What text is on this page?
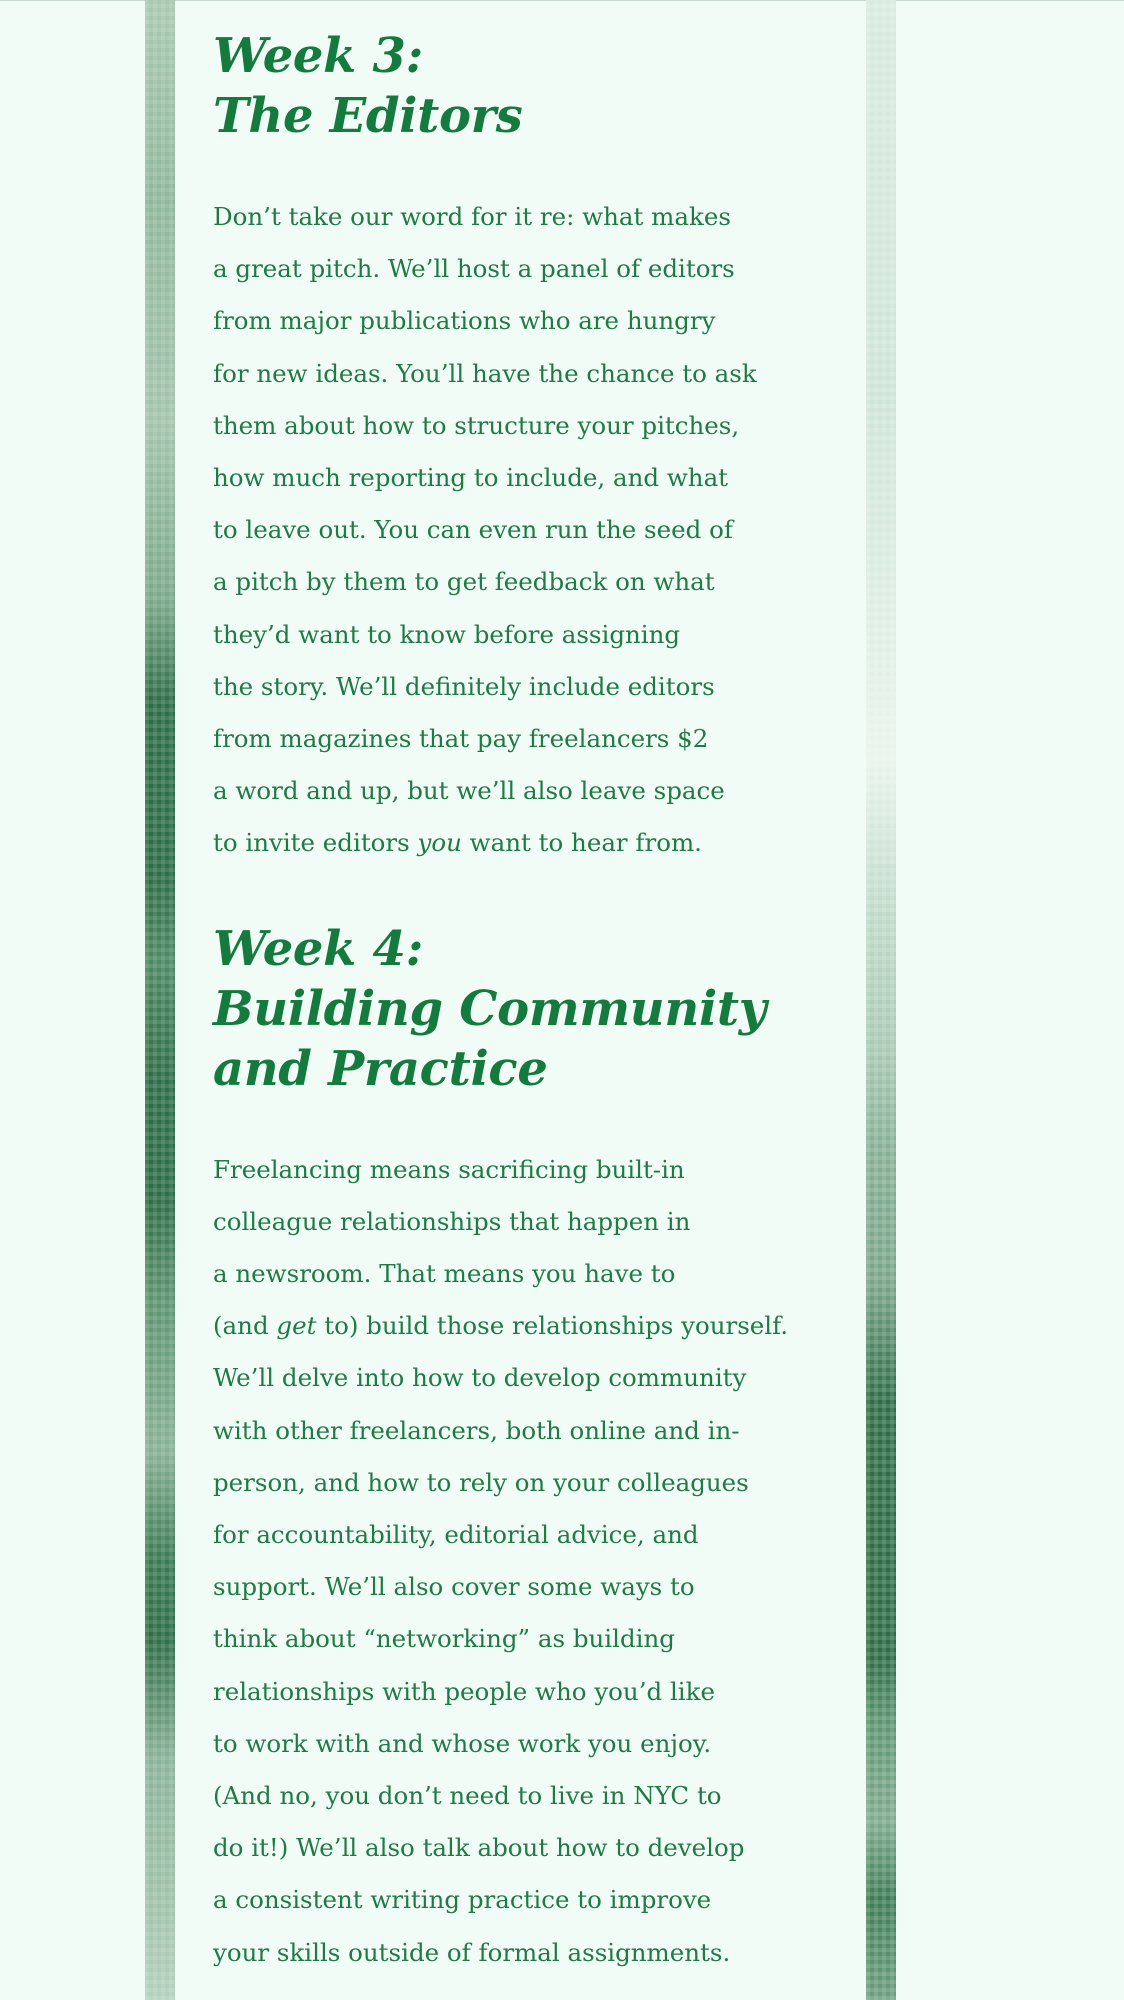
Week 3:
The Editors

Don’t take our word for it re: what makes
a great pitch. We’ll host a panel of editors
from major publications who are hungry
for new ideas. You’ll have the chance to ask
them about how to structure your pitches,
how much reporting to include, and what
to leave out. You can even run the seed of
a pitch by them to get feedback on what
they’d want to know before assigning
the story. We’ll definitely include editors
from magazines that pay freelancers $2
a word and up, but we’ll also leave space
to invite editors you want to hear from.

Week 4:
Building Community
and Practice

Freelancing means sacrificing built-in
colleague relationships that happen in
a newsroom. That means you have to
(and get to) build those relationships yourself.
We’ll delve into how to develop community
with other freelancers, both online and in-
person, and how to rely on your colleagues
for accountability, editorial advice, and
support. We’ll also cover some ways to
think about “networking” as building
relationships with people who you’d like
to work with and whose work you enjoy.
(And no, you don’t need to live in NYC to
do it!) We’ll also talk about how to develop
a consistent writing practice to improve
your skills outside of formal assignments.
